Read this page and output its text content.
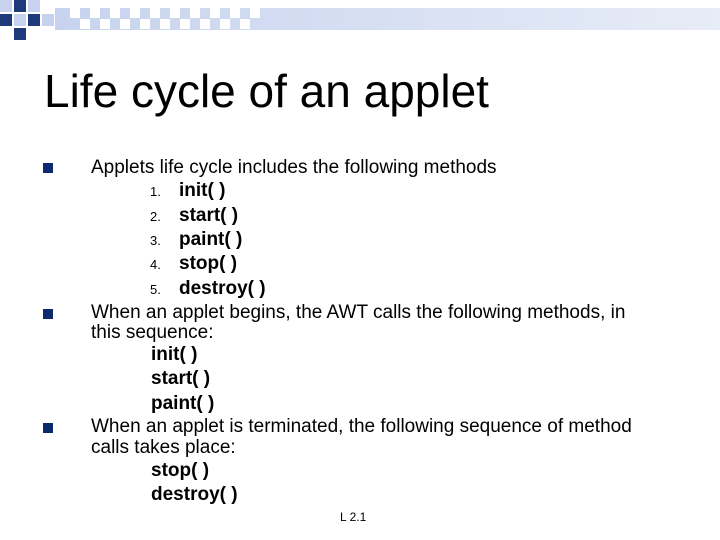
Life cycle of an applet
Applets life cycle includes the following methods
1. init( )
2. start( )
3. paint( )
4. stop( )
5. destroy( )
When an applet begins, the AWT calls the following methods, in
this sequence:
init( )
start( )
paint( )
When an applet is terminated, the following sequence of method
calls takes place:
stop( )
destroy( )
L 2.1
